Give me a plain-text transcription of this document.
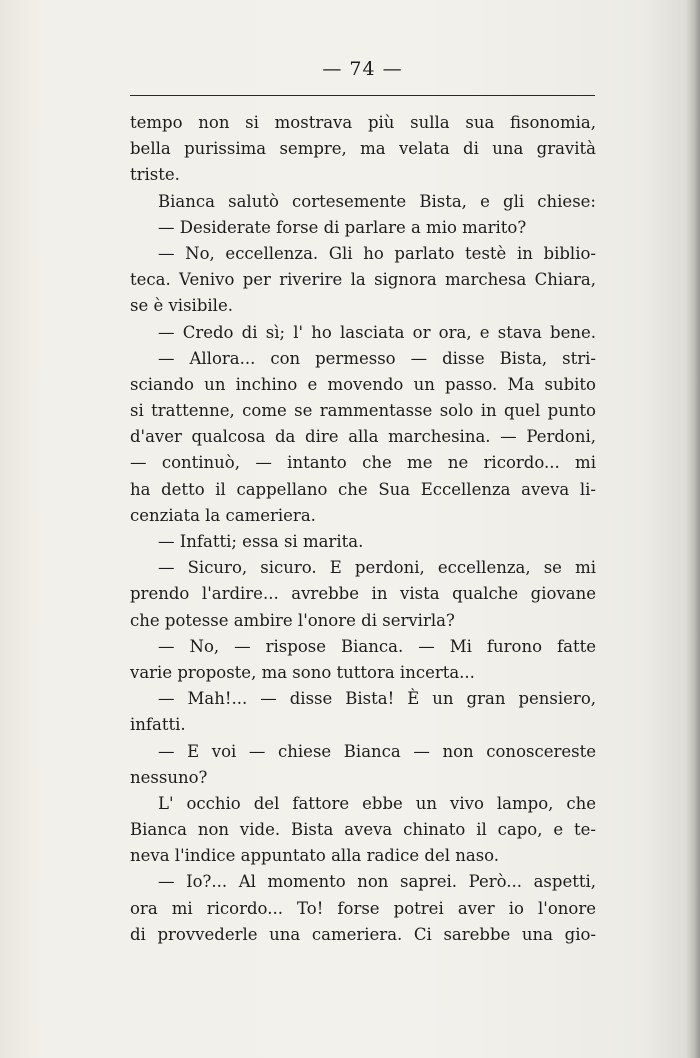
— 74 —
tempo non si mostrava più sulla sua fisonomia,
bella purissima sempre, ma velata di una gravità
triste.
Bianca salutò cortesemente Bista, e gli chiese:
— Desiderate forse di parlare a mio marito?
— No, eccellenza. Gli ho parlato testè in biblio-
teca. Venivo per riverire la signora marchesa Chiara,
se è visibile.
— Credo di sì; l' ho lasciata or ora, e stava bene.
— Allora... con permesso — disse Bista, stri-
sciando un inchino e movendo un passo. Ma subito
si trattenne, come se rammentasse solo in quel punto
d'aver qualcosa da dire alla marchesina. — Perdoni,
— continuò, — intanto che me ne ricordo... mi
ha detto il cappellano che Sua Eccellenza aveva li-
cenziata la cameriera.
— Infatti; essa si marita.
— Sicuro, sicuro. E perdoni, eccellenza, se mi
prendo l'ardire... avrebbe in vista qualche giovane
che potesse ambire l'onore di servirla?
— No, — rispose Bianca. — Mi furono fatte
varie proposte, ma sono tuttora incerta...
— Mah!... — disse Bista! È un gran pensiero,
infatti.
— E voi — chiese Bianca — non conoscereste
nessuno?
L' occhio del fattore ebbe un vivo lampo, che
Bianca non vide. Bista aveva chinato il capo, e te-
neva l'indice appuntato alla radice del naso.
— Io?... Al momento non saprei. Però... aspetti,
ora mi ricordo... To! forse potrei aver io l'onore
di provvederle una cameriera. Ci sarebbe una gio-
